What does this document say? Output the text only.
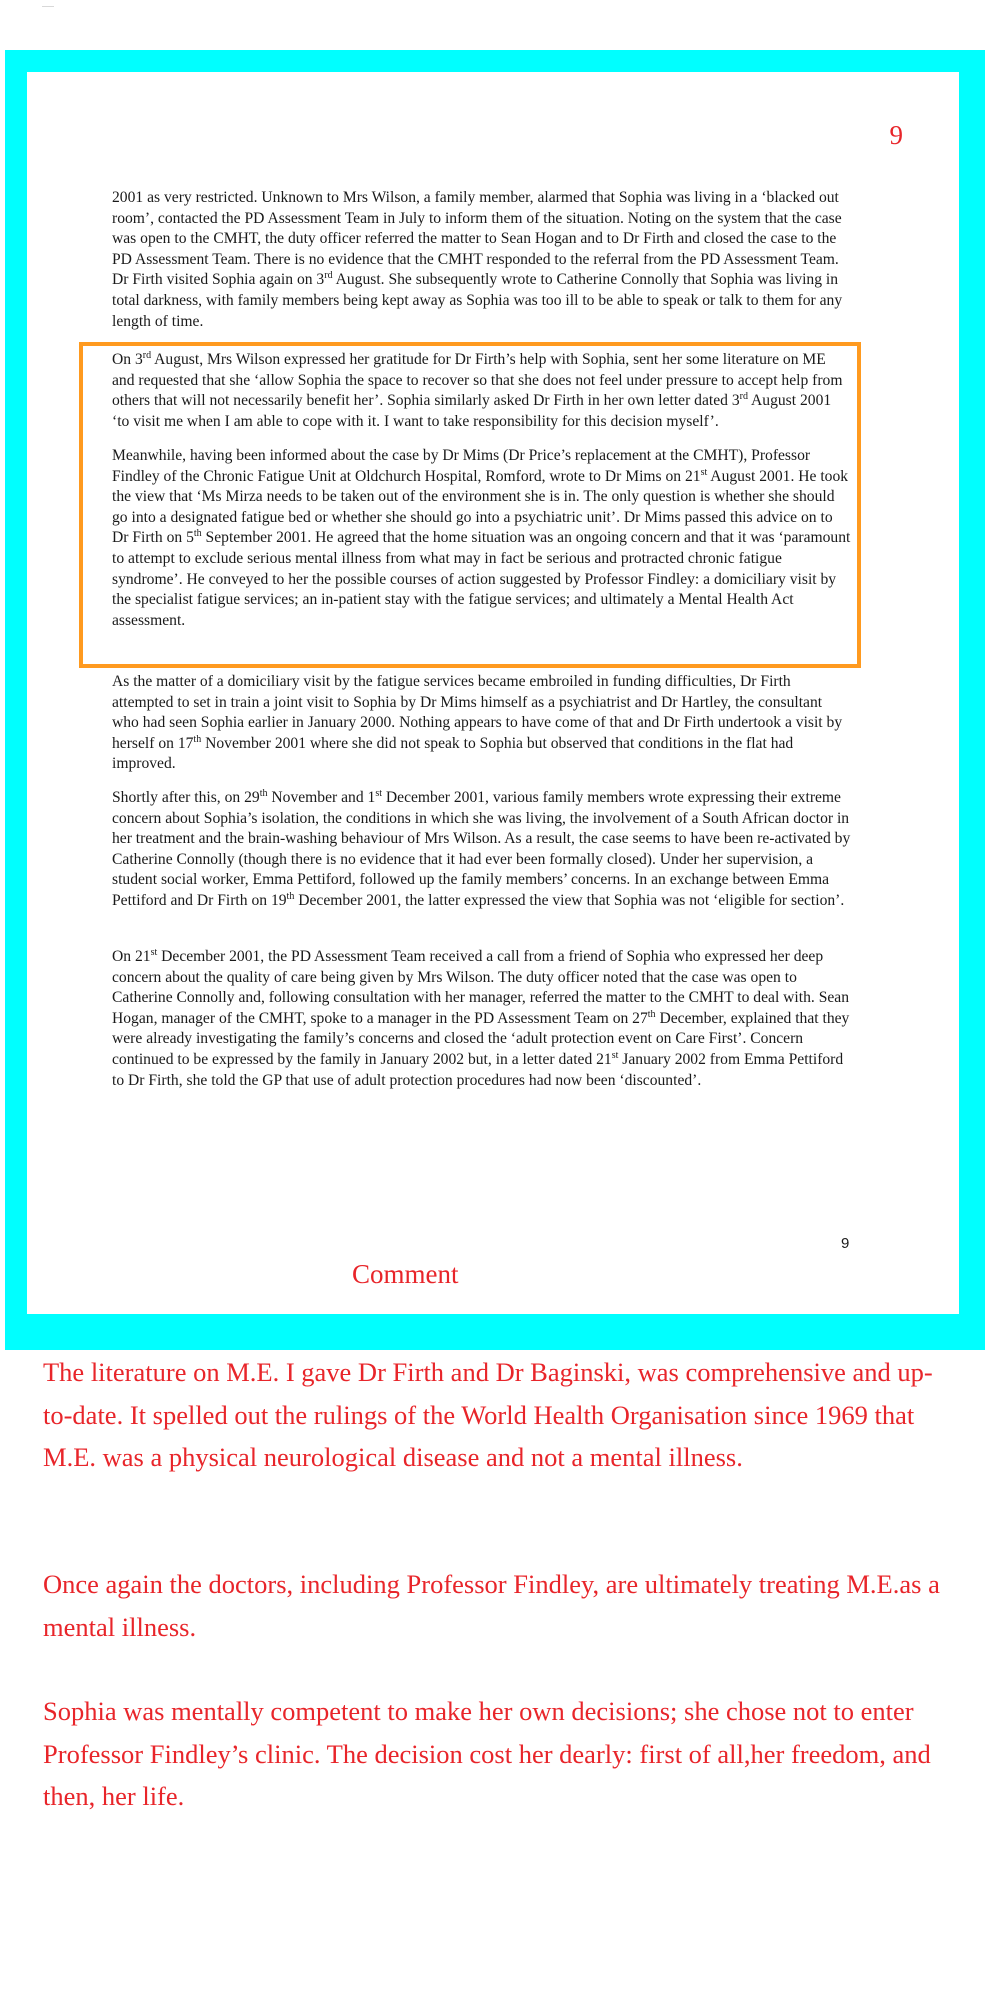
9
2001 as very restricted. Unknown to Mrs Wilson, a family member, alarmed that Sophia was living in a ‘blacked out room’, contacted the PD Assessment Team in July to inform them of the situation. Noting on the system that the case was open to the CMHT, the duty officer referred the matter to Sean Hogan and to Dr Firth and closed the case to the PD Assessment Team. There is no evidence that the CMHT responded to the referral from the PD Assessment Team. Dr Firth visited Sophia again on 3rd August. She subsequently wrote to Catherine Connolly that Sophia was living in total darkness, with family members being kept away as Sophia was too ill to be able to speak or talk to them for any length of time.
On 3rd August, Mrs Wilson expressed her gratitude for Dr Firth’s help with Sophia, sent her some literature on ME and requested that she ‘allow Sophia the space to recover so that she does not feel under pressure to accept help from others that will not necessarily benefit her’. Sophia similarly asked Dr Firth in her own letter dated 3rd August 2001 ‘to visit me when I am able to cope with it. I want to take responsibility for this decision myself’.
Meanwhile, having been informed about the case by Dr Mims (Dr Price’s replacement at the CMHT), Professor Findley of the Chronic Fatigue Unit at Oldchurch Hospital, Romford, wrote to Dr Mims on 21st August 2001. He took the view that ‘Ms Mirza needs to be taken out of the environment she is in. The only question is whether she should go into a designated fatigue bed or whether she should go into a psychiatric unit’. Dr Mims passed this advice on to Dr Firth on 5th September 2001. He agreed that the home situation was an ongoing concern and that it was ‘paramount to attempt to exclude serious mental illness from what may in fact be serious and protracted chronic fatigue syndrome’. He conveyed to her the possible courses of action suggested by Professor Findley: a domiciliary visit by the specialist fatigue services; an in-patient stay with the fatigue services; and ultimately a Mental Health Act assessment.
As the matter of a domiciliary visit by the fatigue services became embroiled in funding difficulties, Dr Firth attempted to set in train a joint visit to Sophia by Dr Mims himself as a psychiatrist and Dr Hartley, the consultant who had seen Sophia earlier in January 2000. Nothing appears to have come of that and Dr Firth undertook a visit by herself on 17th November 2001 where she did not speak to Sophia but observed that conditions in the flat had improved.
Shortly after this, on 29th November and 1st December 2001, various family members wrote expressing their extreme concern about Sophia’s isolation, the conditions in which she was living, the involvement of a South African doctor in her treatment and the brain-washing behaviour of Mrs Wilson. As a result, the case seems to have been re-activated by Catherine Connolly (though there is no evidence that it had ever been formally closed). Under her supervision, a student social worker, Emma Pettiford, followed up the family members’ concerns. In an exchange between Emma Pettiford and Dr Firth on 19th December 2001, the latter expressed the view that Sophia was not ‘eligible for section’.
On 21st December 2001, the PD Assessment Team received a call from a friend of Sophia who expressed her deep concern about the quality of care being given by Mrs Wilson. The duty officer noted that the case was open to Catherine Connolly and, following consultation with her manager, referred the matter to the CMHT to deal with. Sean Hogan, manager of the CMHT, spoke to a manager in the PD Assessment Team on 27th December, explained that they were already investigating the family’s concerns and closed the ‘adult protection event on Care First’. Concern continued to be expressed by the family in January 2002 but, in a letter dated 21st January 2002 from Emma Pettiford to Dr Firth, she told the GP that use of adult protection procedures had now been ‘discounted’.
9
Comment
The literature on M.E. I gave Dr Firth and Dr Baginski, was comprehensive and up-to-date. It spelled out the rulings of the World Health Organisation since 1969 that M.E. was a physical neurological disease and not a mental illness.
Once again the doctors, including Professor Findley, are ultimately treating M.E.as a mental illness.
Sophia was mentally competent to make her own decisions; she chose not to enter Professor Findley’s clinic. The decision cost her dearly: first of all,her freedom, and then, her life.
